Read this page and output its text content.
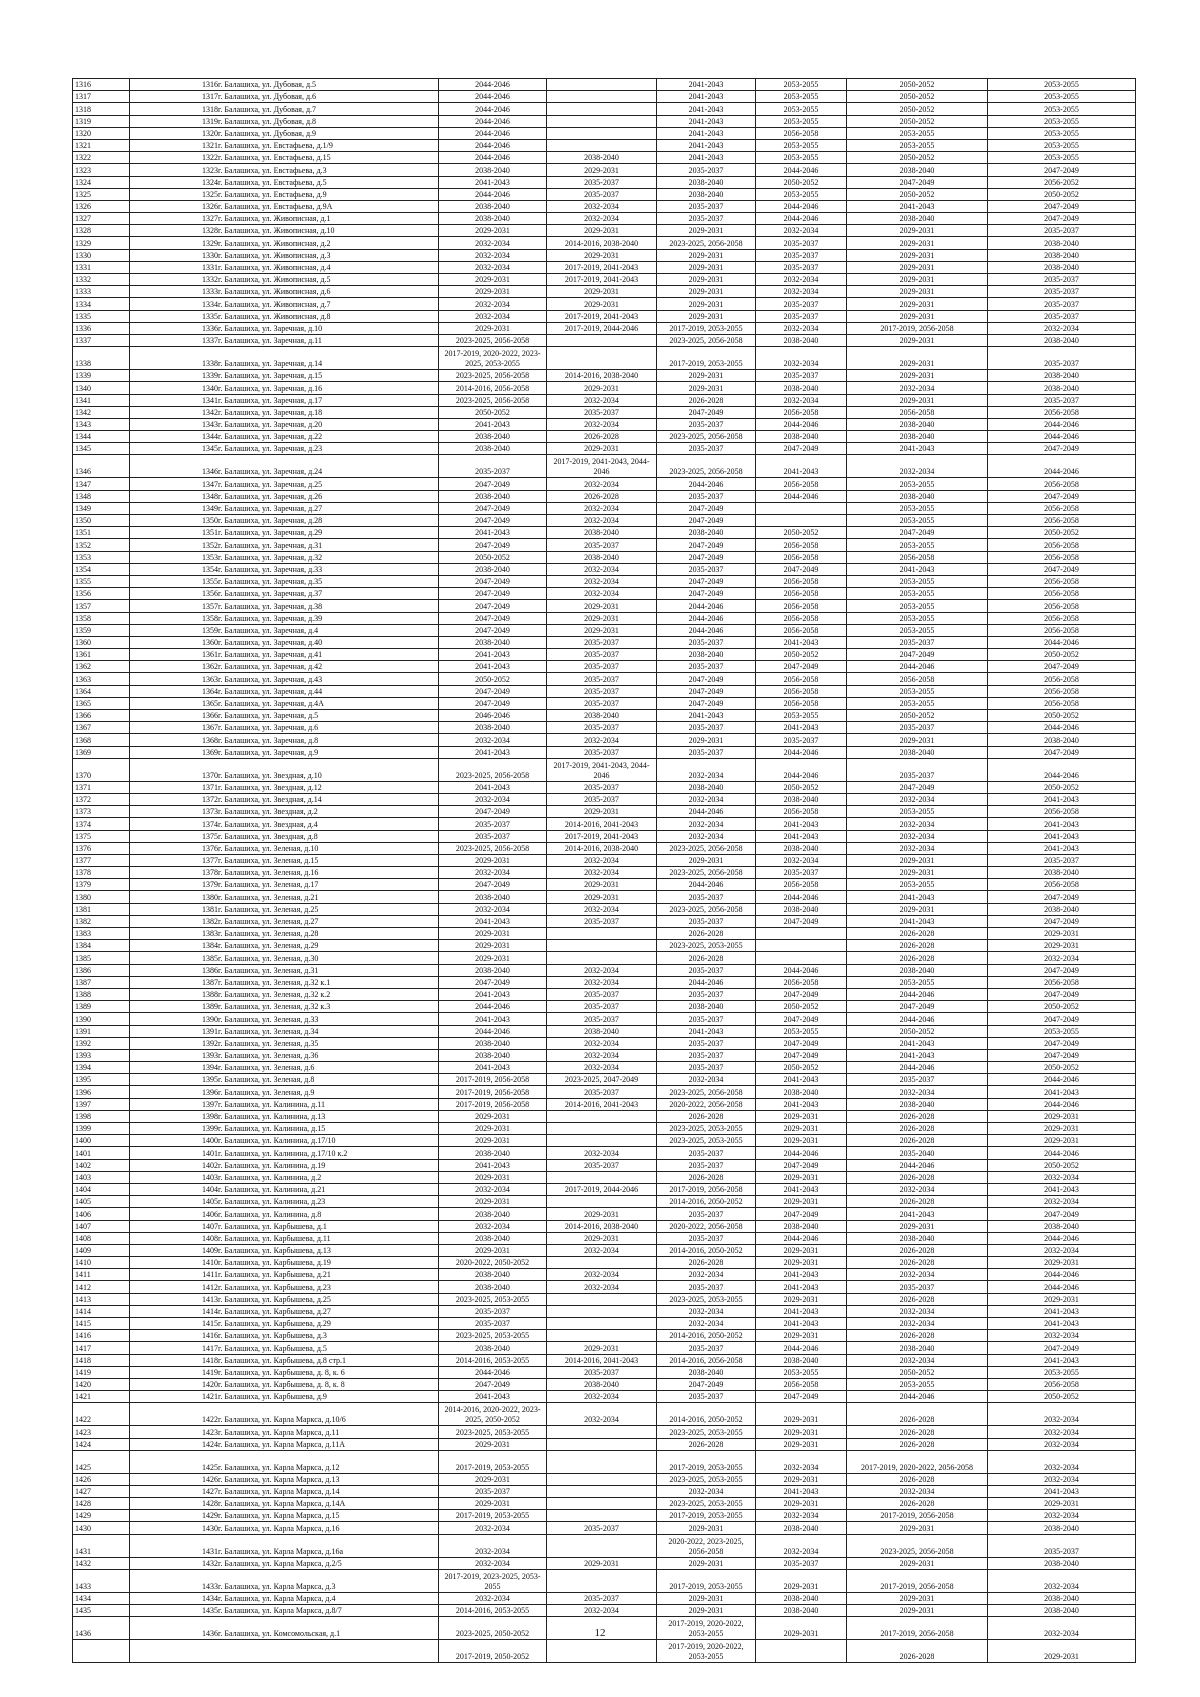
1316	1316г. Балашиха, ул. Дубовая, д.5	2044-2046		2041-2043	2053-2055	2050-2052	2053-2055
1317	1317г. Балашиха, ул. Дубовая, д.6	2044-2046		2041-2043	2053-2055	2050-2052	2053-2055
1318	1318г. Балашиха, ул. Дубовая, д.7	2044-2046		2041-2043	2053-2055	2050-2052	2053-2055
1319	1319г. Балашиха, ул. Дубовая, д.8	2044-2046		2041-2043	2053-2055	2050-2052	2053-2055
1320	1320г. Балашиха, ул. Дубовая, д.9	2044-2046		2041-2043	2056-2058	2053-2055	2053-2055
1321	1321г. Балашиха, ул. Евстафьева, д.1/9	2044-2046		2041-2043	2053-2055	2053-2055	2053-2055
1322	1322г. Балашиха, ул. Евстафьева, д.15	2044-2046	2038-2040	2041-2043	2053-2055	2050-2052	2053-2055
1323	1323г. Балашиха, ул. Евстафьева, д.3	2038-2040	2029-2031	2035-2037	2044-2046	2038-2040	2047-2049
1324	1324г. Балашиха, ул. Евстафьева, д.5	2041-2043	2035-2037	2038-2040	2050-2052	2047-2049	2056-2052
1325	1325г. Балашиха, ул. Евстафьева, д.9	2044-2046	2035-2037	2038-2040	2053-2055	2050-2052	2050-2052
1326	1326г. Балашиха, ул. Евстафьева, д.9А	2038-2040	2032-2034	2035-2037	2044-2046	2041-2043	2047-2049
1327	1327г. Балашиха, ул. Живописная, д.1	2038-2040	2032-2034	2035-2037	2044-2046	2038-2040	2047-2049
1328	1328г. Балашиха, ул. Живописная, д.10	2029-2031	2029-2031	2029-2031	2032-2034	2029-2031	2035-2037
1329	1329г. Балашиха, ул. Живописная, д.2	2032-2034	2014-2016, 2038-2040	2023-2025, 2056-2058	2035-2037	2029-2031	2038-2040
1330	1330г. Балашиха, ул. Живописная, д.3	2032-2034	2029-2031	2029-2031	2035-2037	2029-2031	2038-2040
1331	1331г. Балашиха, ул. Живописная, д.4	2032-2034	2017-2019, 2041-2043	2029-2031	2035-2037	2029-2031	2038-2040
1332	1332г. Балашиха, ул. Живописная, д.5	2029-2031	2017-2019, 2041-2043	2029-2031	2032-2034	2029-2031	2035-2037
1333	1333г. Балашиха, ул. Живописная, д.6	2029-2031	2029-2031	2029-2031	2032-2034	2029-2031	2035-2037
1334	1334г. Балашиха, ул. Живописная, д.7	2032-2034	2029-2031	2029-2031	2035-2037	2029-2031	2035-2037
1335	1335г. Балашиха, ул. Живописная, д.8	2032-2034	2017-2019, 2041-2043	2029-2031	2035-2037	2029-2031	2035-2037
1336	1336г. Балашиха, ул. Заречная, д.10	2029-2031	2017-2019, 2044-2046	2017-2019, 2053-2055	2032-2034	2017-2019, 2056-2058	2032-2034
1337	1337г. Балашиха, ул. Заречная, д.11	2023-2025, 2056-2058		2023-2025, 2056-2058	2038-2040	2029-2031	2038-2040
1338	1338г. Балашиха, ул. Заречная, д.14	2017-2019, 2020-2022, 2023-2025, 2053-2055		2017-2019, 2053-2055	2032-2034	2029-2031	2035-2037
1339	1339г. Балашиха, ул. Заречная, д.15	2023-2025, 2056-2058	2014-2016, 2038-2040	2029-2031	2035-2037	2029-2031	2038-2040
1340	1340г. Балашиха, ул. Заречная, д.16	2014-2016, 2056-2058	2029-2031	2029-2031	2038-2040	2032-2034	2038-2040
1341	1341г. Балашиха, ул. Заречная, д.17	2023-2025, 2056-2058	2032-2034	2026-2028	2032-2034	2029-2031	2035-2037
1342	1342г. Балашиха, ул. Заречная, д.18	2050-2052	2035-2037	2047-2049	2056-2058	2056-2058	2056-2058
1343	1343г. Балашиха, ул. Заречная, д.20	2041-2043	2032-2034	2035-2037	2044-2046	2038-2040	2044-2046
1344	1344г. Балашиха, ул. Заречная, д.22	2038-2040	2026-2028	2023-2025, 2056-2058	2038-2040	2038-2040	2044-2046
1345	1345г. Балашиха, ул. Заречная, д.23	2038-2040	2029-2031	2035-2037	2047-2049	2041-2043	2047-2049
1346	1346г. Балашиха, ул. Заречная, д.24	2035-2037	2017-2019, 2041-2043, 2044-2046	2023-2025, 2056-2058	2041-2043	2032-2034	2044-2046
1347	1347г. Балашиха, ул. Заречная, д.25	2047-2049	2032-2034	2044-2046	2056-2058	2053-2055	2056-2058
1348	1348г. Балашиха, ул. Заречная, д.26	2038-2040	2026-2028	2035-2037	2044-2046	2038-2040	2047-2049
1349	1349г. Балашиха, ул. Заречная, д.27	2047-2049	2032-2034	2047-2049		2053-2055	2056-2058
1350	1350г. Балашиха, ул. Заречная, д.28	2047-2049	2032-2034	2047-2049		2053-2055	2056-2058
1351	1351г. Балашиха, ул. Заречная, д.29	2041-2043	2038-2040	2038-2040	2050-2052	2047-2049	2050-2052
1352	1352г. Балашиха, ул. Заречная, д.31	2047-2049	2035-2037	2047-2049	2056-2058	2053-2055	2056-2058
1353	1353г. Балашиха, ул. Заречная, д.32	2050-2052	2038-2040	2047-2049	2056-2058	2056-2058	2056-2058
1354	1354г. Балашиха, ул. Заречная, д.33	2038-2040	2032-2034	2035-2037	2047-2049	2041-2043	2047-2049
1355	1355г. Балашиха, ул. Заречная, д.35	2047-2049	2032-2034	2047-2049	2056-2058	2053-2055	2056-2058
1356	1356г. Балашиха, ул. Заречная, д.37	2047-2049	2032-2034	2047-2049	2056-2058	2053-2055	2056-2058
1357	1357г. Балашиха, ул. Заречная, д.38	2047-2049	2029-2031	2044-2046	2056-2058	2053-2055	2056-2058
1358	1358г. Балашиха, ул. Заречная, д.39	2047-2049	2029-2031	2044-2046	2056-2058	2053-2055	2056-2058
1359	1359г. Балашиха, ул. Заречная, д.4	2047-2049	2029-2031	2044-2046	2056-2058	2053-2055	2056-2058
1360	1360г. Балашиха, ул. Заречная, д.40	2038-2040	2035-2037	2035-2037	2041-2043	2035-2037	2044-2046
1361	1361г. Балашиха, ул. Заречная, д.41	2041-2043	2035-2037	2038-2040	2050-2052	2047-2049	2050-2052
1362	1362г. Балашиха, ул. Заречная, д.42	2041-2043	2035-2037	2035-2037	2047-2049	2044-2046	2047-2049
1363	1363г. Балашиха, ул. Заречная, д.43	2050-2052	2035-2037	2047-2049	2056-2058	2056-2058	2056-2058
1364	1364г. Балашиха, ул. Заречная, д.44	2047-2049	2035-2037	2047-2049	2056-2058	2053-2055	2056-2058
1365	1365г. Балашиха, ул. Заречная, д.4А	2047-2049	2035-2037	2047-2049	2056-2058	2053-2055	2056-2058
1366	1366г. Балашиха, ул. Заречная, д.5	2046-2046	2038-2040	2041-2043	2053-2055	2050-2052	2050-2052
1367	1367г. Балашиха, ул. Заречная, д.6	2038-2040	2035-2037	2035-2037	2041-2043	2035-2037	2044-2046
1368	1368г. Балашиха, ул. Заречная, д.8	2032-2034	2032-2034	2029-2031	2035-2037	2029-2031	2038-2040
1369	1369г. Балашиха, ул. Заречная, д.9	2041-2043	2035-2037	2035-2037	2044-2046	2038-2040	2047-2049
1370	1370г. Балашиха, ул. Звездная, д.10	2023-2025, 2056-2058	2017-2019, 2041-2043, 2044-2046	2032-2034	2044-2046	2035-2037	2044-2046
1371	1371г. Балашиха, ул. Звездная, д.12	2041-2043	2035-2037	2038-2040	2050-2052	2047-2049	2050-2052
1372	1372г. Балашиха, ул. Звездная, д.14	2032-2034	2035-2037	2032-2034	2038-2040	2032-2034	2041-2043
1373	1373г. Балашиха, ул. Звездная, д.2	2047-2049	2029-2031	2044-2046	2056-2058	2053-2055	2056-2058
1374	1374г. Балашиха, ул. Звездная, д.4	2035-2037	2014-2016, 2041-2043	2032-2034	2041-2043	2032-2034	2041-2043
1375	1375г. Балашиха, ул. Звездная, д.8	2035-2037	2017-2019, 2041-2043	2032-2034	2041-2043	2032-2034	2041-2043
1376	1376г. Балашиха, ул. Зеленая, д.10	2023-2025, 2056-2058	2014-2016, 2038-2040	2023-2025, 2056-2058	2038-2040	2032-2034	2041-2043
1377	1377г. Балашиха, ул. Зеленая, д.15	2029-2031	2032-2034	2029-2031	2032-2034	2029-2031	2035-2037
1378	1378г. Балашиха, ул. Зеленая, д.16	2032-2034	2032-2034	2023-2025, 2056-2058	2035-2037	2029-2031	2038-2040
1379	1379г. Балашиха, ул. Зеленая, д.17	2047-2049	2029-2031	2044-2046	2056-2058	2053-2055	2056-2058
1380	1380г. Балашиха, ул. Зеленая, д.21	2038-2040	2029-2031	2035-2037	2044-2046	2041-2043	2047-2049
1381	1381г. Балашиха, ул. Зеленая, д.25	2032-2034	2032-2034	2023-2025, 2056-2058	2038-2040	2029-2031	2038-2040
1382	1382г. Балашиха, ул. Зеленая, д.27	2041-2043	2035-2037	2035-2037	2047-2049	2041-2043	2047-2049
1383	1383г. Балашиха, ул. Зеленая, д.28	2029-2031		2026-2028		2026-2028	2029-2031
1384	1384г. Балашиха, ул. Зеленая, д.29	2029-2031		2023-2025, 2053-2055		2026-2028	2029-2031
1385	1385г. Балашиха, ул. Зеленая, д.30	2029-2031		2026-2028		2026-2028	2032-2034
1386	1386г. Балашиха, ул. Зеленая, д.31	2038-2040	2032-2034	2035-2037	2044-2046	2038-2040	2047-2049
1387	1387г. Балашиха, ул. Зеленая, д.32 к.1	2047-2049	2032-2034	2044-2046	2056-2058	2053-2055	2056-2058
1388	1388г. Балашиха, ул. Зеленая, д.32 к.2	2041-2043	2035-2037	2035-2037	2047-2049	2044-2046	2047-2049
1389	1389г. Балашиха, ул. Зеленая, д.32 к.3	2044-2046	2035-2037	2038-2040	2050-2052	2047-2049	2050-2052
1390	1390г. Балашиха, ул. Зеленая, д.33	2041-2043	2035-2037	2035-2037	2047-2049	2044-2046	2047-2049
1391	1391г. Балашиха, ул. Зеленая, д.34	2044-2046	2038-2040	2041-2043	2053-2055	2050-2052	2053-2055
1392	1392г. Балашиха, ул. Зеленая, д.35	2038-2040	2032-2034	2035-2037	2047-2049	2041-2043	2047-2049
1393	1393г. Балашиха, ул. Зеленая, д.36	2038-2040	2032-2034	2035-2037	2047-2049	2041-2043	2047-2049
1394	1394г. Балашиха, ул. Зеленая, д.6	2041-2043	2032-2034	2035-2037	2050-2052	2044-2046	2050-2052
1395	1395г. Балашиха, ул. Зеленая, д.8	2017-2019, 2056-2058	2023-2025, 2047-2049	2032-2034	2041-2043	2035-2037	2044-2046
1396	1396г. Балашиха, ул. Зеленая, д.9	2017-2019, 2056-2058	2035-2037	2023-2025, 2056-2058	2038-2040	2032-2034	2041-2043
1397	1397г. Балашиха, ул. Калинина, д.11	2017-2019, 2056-2058	2014-2016, 2041-2043	2020-2022, 2056-2058	2041-2043	2038-2040	2044-2046
1398	1398г. Балашиха, ул. Калинина, д.13	2029-2031		2026-2028	2029-2031	2026-2028	2029-2031
1399	1399г. Балашиха, ул. Калинина, д.15	2029-2031		2023-2025, 2053-2055	2029-2031	2026-2028	2029-2031
1400	1400г. Балашиха, ул. Калинина, д.17/10	2029-2031		2023-2025, 2053-2055	2029-2031	2026-2028	2029-2031
1401	1401г. Балашиха, ул. Калинина, д.17/10 к.2	2038-2040	2032-2034	2035-2037	2044-2046	2035-2040	2044-2046
1402	1402г. Балашиха, ул. Калинина, д.19	2041-2043	2035-2037	2035-2037	2047-2049	2044-2046	2050-2052
1403	1403г. Балашиха, ул. Калинина, д.2	2029-2031		2026-2028	2029-2031	2026-2028	2032-2034
1404	1404г. Балашиха, ул. Калинина, д.21	2032-2034	2017-2019, 2044-2046	2017-2019, 2056-2058	2041-2043	2032-2034	2041-2043
1405	1405г. Балашиха, ул. Калинина, д.23	2029-2031		2014-2016, 2050-2052	2029-2031	2026-2028	2032-2034
1406	1406г. Балашиха, ул. Калинина, д.8	2038-2040	2029-2031	2035-2037	2047-2049	2041-2043	2047-2049
1407	1407г. Балашиха, ул. Карбышева, д.1	2032-2034	2014-2016, 2038-2040	2020-2022, 2056-2058	2038-2040	2029-2031	2038-2040
1408	1408г. Балашиха, ул. Карбышева, д.11	2038-2040	2029-2031	2035-2037	2044-2046	2038-2040	2044-2046
1409	1409г. Балашиха, ул. Карбышева, д.13	2029-2031	2032-2034	2014-2016, 2050-2052	2029-2031	2026-2028	2032-2034
1410	1410г. Балашиха, ул. Карбышева, д.19	2020-2022, 2050-2052		2026-2028	2029-2031	2026-2028	2029-2031
1411	1411г. Балашиха, ул. Карбышева, д.21	2038-2040	2032-2034	2032-2034	2041-2043	2032-2034	2044-2046
1412	1412г. Балашиха, ул. Карбышева, д.23	2038-2040	2032-2034	2035-2037	2041-2043	2035-2037	2044-2046
1413	1413г. Балашиха, ул. Карбышева, д.25	2023-2025, 2053-2055		2023-2025, 2053-2055	2029-2031	2026-2028	2029-2031
1414	1414г. Балашиха, ул. Карбышева, д.27	2035-2037		2032-2034	2041-2043	2032-2034	2041-2043
1415	1415г. Балашиха, ул. Карбышева, д.29	2035-2037		2032-2034	2041-2043	2032-2034	2041-2043
1416	1416г. Балашиха, ул. Карбышева, д.3	2023-2025, 2053-2055		2014-2016, 2050-2052	2029-2031	2026-2028	2032-2034
1417	1417г. Балашиха, ул. Карбышева, д.5	2038-2040	2029-2031	2035-2037	2044-2046	2038-2040	2047-2049
1418	1418г. Балашиха, ул. Карбышева, д.8 стр.1	2014-2016, 2053-2055	2014-2016, 2041-2043	2014-2016, 2056-2058	2038-2040	2032-2034	2041-2043
1419	1419г. Балашиха, ул. Карбышева, д. 8, к. 6	2044-2046	2035-2037	2038-2040	2053-2055	2050-2052	2053-2055
1420	1420г. Балашиха, ул. Карбышева, д. 8, к. 8	2047-2049	2038-2040	2047-2049	2056-2058	2053-2055	2056-2058
1421	1421г. Балашиха, ул. Карбышева, д.9	2041-2043	2032-2034	2035-2037	2047-2049	2044-2046	2050-2052
1422	1422г. Балашиха, ул. Карла Маркса, д.10/6	2014-2016, 2020-2022, 2023-2025, 2050-2052	2032-2034	2014-2016, 2050-2052	2029-2031	2026-2028	2032-2034
1423	1423г. Балашиха, ул. Карла Маркса, д.11	2023-2025, 2053-2055		2023-2025, 2053-2055	2029-2031	2026-2028	2032-2034
1424	1424г. Балашиха, ул. Карла Маркса, д.11А	2029-2031		2026-2028	2029-2031	2026-2028	2032-2034
1425	1425г. Балашиха, ул. Карла Маркса, д.12	2017-2019, 2053-2055		2017-2019, 2053-2055	2032-2034	2017-2019, 2020-2022, 2056-2058	2032-2034
1426	1426г. Балашиха, ул. Карла Маркса, д.13	2029-2031		2023-2025, 2053-2055	2029-2031	2026-2028	2032-2034
1427	1427г. Балашиха, ул. Карла Маркса, д.14	2035-2037		2032-2034	2041-2043	2032-2034	2041-2043
1428	1428г. Балашиха, ул. Карла Маркса, д.14А	2029-2031		2023-2025, 2053-2055	2029-2031	2026-2028	2029-2031
1429	1429г. Балашиха, ул. Карла Маркса, д.15	2017-2019, 2053-2055		2017-2019, 2053-2055	2032-2034	2017-2019, 2056-2058	2032-2034
1430	1430г. Балашиха, ул. Карла Маркса, д.16	2032-2034	2035-2037	2029-2031	2038-2040	2029-2031	2038-2040
1431	1431г. Балашиха, ул. Карла Маркса, д.16а	2032-2034		2020-2022, 2023-2025, 2056-2058	2032-2034	2023-2025, 2056-2058	2035-2037
1432	1432г. Балашиха, ул. Карла Маркса, д.2/5	2032-2034	2029-2031	2029-2031	2035-2037	2029-2031	2038-2040
1433	1433г. Балашиха, ул. Карла Маркса, д.3	2017-2019, 2023-2025, 2053-2055		2017-2019, 2053-2055	2029-2031	2017-2019, 2056-2058	2032-2034
1434	1434г. Балашиха, ул. Карла Маркса, д.4	2032-2034	2035-2037	2029-2031	2038-2040	2029-2031	2038-2040
1435	1435г. Балашиха, ул. Карла Маркса, д.8/7	2014-2016, 2053-2055	2032-2034	2029-2031	2038-2040	2029-2031	2038-2040
1436	1436г. Балашиха, ул. Комсомольская, д.1	2023-2025, 2050-2052		2017-2019, 2020-2022, 2053-2055	2029-2031	2017-2019, 2056-2058	2032-2034
		2017-2019, 2050-2052		2017-2019, 2020-2022, 2053-2055		2026-2028	2029-2031
12
